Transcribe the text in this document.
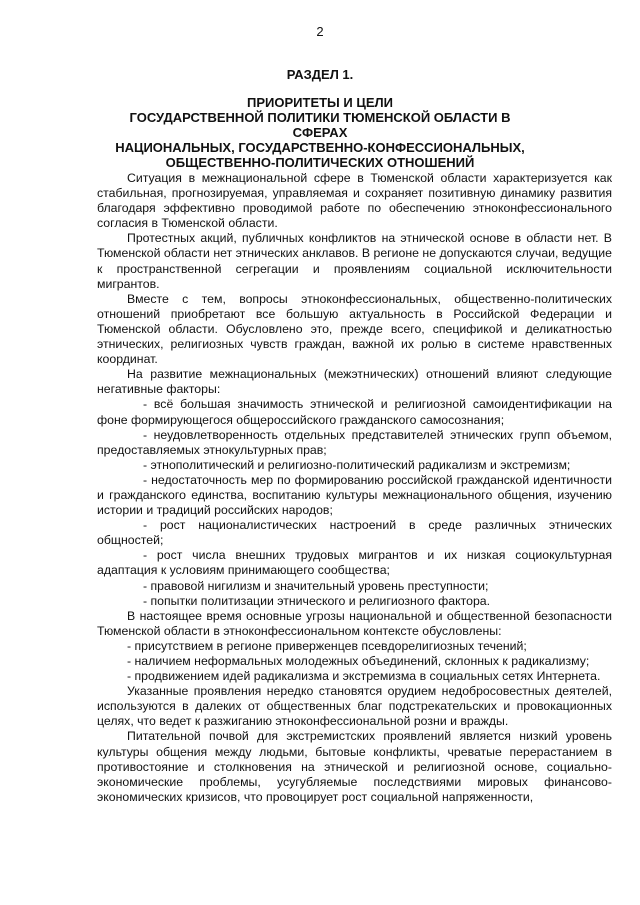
2
РАЗДЕЛ 1.
ПРИОРИТЕТЫ И ЦЕЛИ
ГОСУДАРСТВЕННОЙ ПОЛИТИКИ ТЮМЕНСКОЙ ОБЛАСТИ В СФЕРАХ
НАЦИОНАЛЬНЫХ, ГОСУДАРСТВЕННО-КОНФЕССИОНАЛЬНЫХ,
ОБЩЕСТВЕННО-ПОЛИТИЧЕСКИХ ОТНОШЕНИЙ

Ситуация в межнациональной сфере в Тюменской области характеризуется как стабильная, прогнозируемая, управляемая и сохраняет позитивную динамику развития благодаря эффективно проводимой работе по обеспечению этноконфессионального согласия в Тюменской области.

Протестных акций, публичных конфликтов на этнической основе в области нет. В Тюменской области нет этнических анклавов. В регионе не допускаются случаи, ведущие к пространственной сегрегации и проявлениям социальной исключительности мигрантов.

Вместе с тем, вопросы этноконфессиональных, общественно-политических отношений приобретают все большую актуальность в Российской Федерации и Тюменской области. Обусловлено это, прежде всего, спецификой и деликатностью этнических, религиозных чувств граждан, важной их ролью в системе нравственных координат.

На развитие межнациональных (межэтнических) отношений влияют следующие негативные факторы:

- всё большая значимость этнической и религиозной самоидентификации на фоне формирующегося общероссийского гражданского самосознания;

- неудовлетворенность отдельных представителей этнических групп объемом, предоставляемых этнокультурных прав;

- этнополитический и религиозно-политический радикализм и экстремизм;

- недостаточность мер по формированию российской гражданской идентичности и гражданского единства, воспитанию культуры межнационального общения, изучению истории и традиций российских народов;

- рост националистических настроений в среде различных этнических общностей;

- рост числа внешних трудовых мигрантов и их низкая социокультурная адаптация к условиям принимающего сообщества;

- правовой нигилизм и значительный уровень преступности;

- попытки политизации этнического и религиозного фактора.

В настоящее время основные угрозы национальной и общественной безопасности Тюменской области в этноконфессиональном контексте обусловлены:

- присутствием в регионе приверженцев псевдорелигиозных течений;

- наличием неформальных молодежных объединений, склонных к радикализму;

- продвижением идей радикализма и экстремизма в социальных сетях Интернета.

Указанные проявления нередко становятся орудием недобросовестных деятелей, используются в далеких от общественных благ подстрекательских и провокационных целях, что ведет к разжиганию этноконфессиональной розни и вражды.

Питательной почвой для экстремистских проявлений является низкий уровень культуры общения между людьми, бытовые конфликты, чреватые перерастанием в противостояние и столкновения на этнической и религиозной основе, социально-экономические проблемы, усугубляемые последствиями мировых финансово-экономических кризисов, что провоцирует рост социальной напряженности,
